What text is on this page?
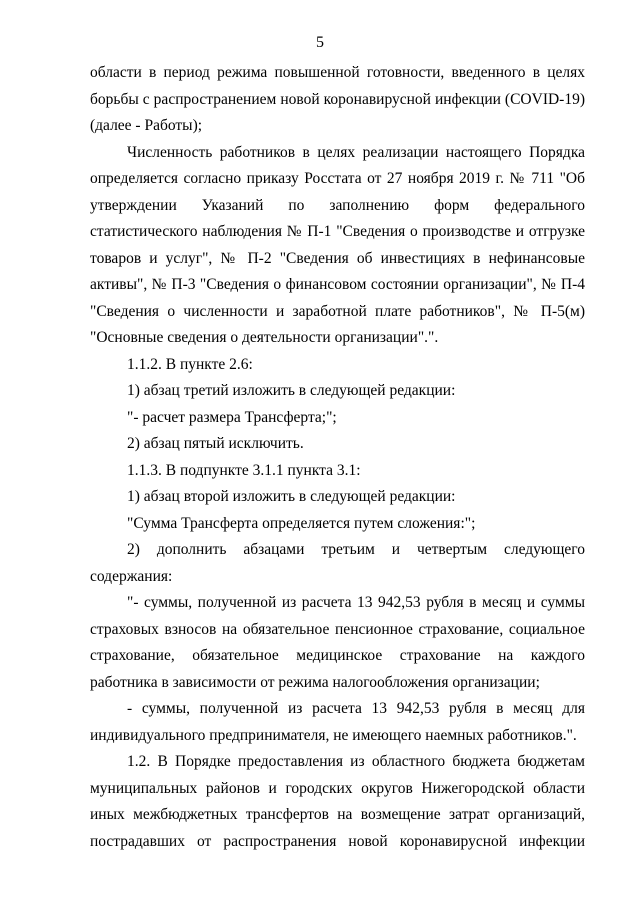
5

области в период режима повышенной готовности, введенного в целях борьбы с распространением новой коронавирусной инфекции (COVID-19) (далее - Работы);

Численность работников в целях реализации настоящего Порядка определяется согласно приказу Росстата от 27 ноября 2019 г. № 711 "Об утверждении Указаний по заполнению форм федерального статистического наблюдения № П-1 "Сведения о производстве и отгрузке товаров и услуг", № П-2 "Сведения об инвестициях в нефинансовые активы", № П-3 "Сведения о финансовом состоянии организации", № П-4 "Сведения о численности и заработной плате работников", № П-5(м) "Основные сведения о деятельности организации".".

1.1.2. В пункте 2.6:

1) абзац третий изложить в следующей редакции:

"- расчет размера Трансферта;";

2) абзац пятый исключить.

1.1.3. В подпункте 3.1.1 пункта 3.1:

1) абзац второй изложить в следующей редакции:

"Сумма Трансферта определяется путем сложения:";

2) дополнить абзацами третьим и четвертым следующего содержания:

"- суммы, полученной из расчета 13 942,53 рубля в месяц и суммы страховых взносов на обязательное пенсионное страхование, социальное страхование, обязательное медицинское страхование на каждого работника в зависимости от режима налогообложения организации;

- суммы, полученной из расчета 13 942,53 рубля в месяц для индивидуального предпринимателя, не имеющего наемных работников.".

1.2. В Порядке предоставления из областного бюджета бюджетам муниципальных районов и городских округов Нижегородской области иных межбюджетных трансфертов на возмещение затрат организаций, пострадавших от распространения новой коронавирусной инфекции
